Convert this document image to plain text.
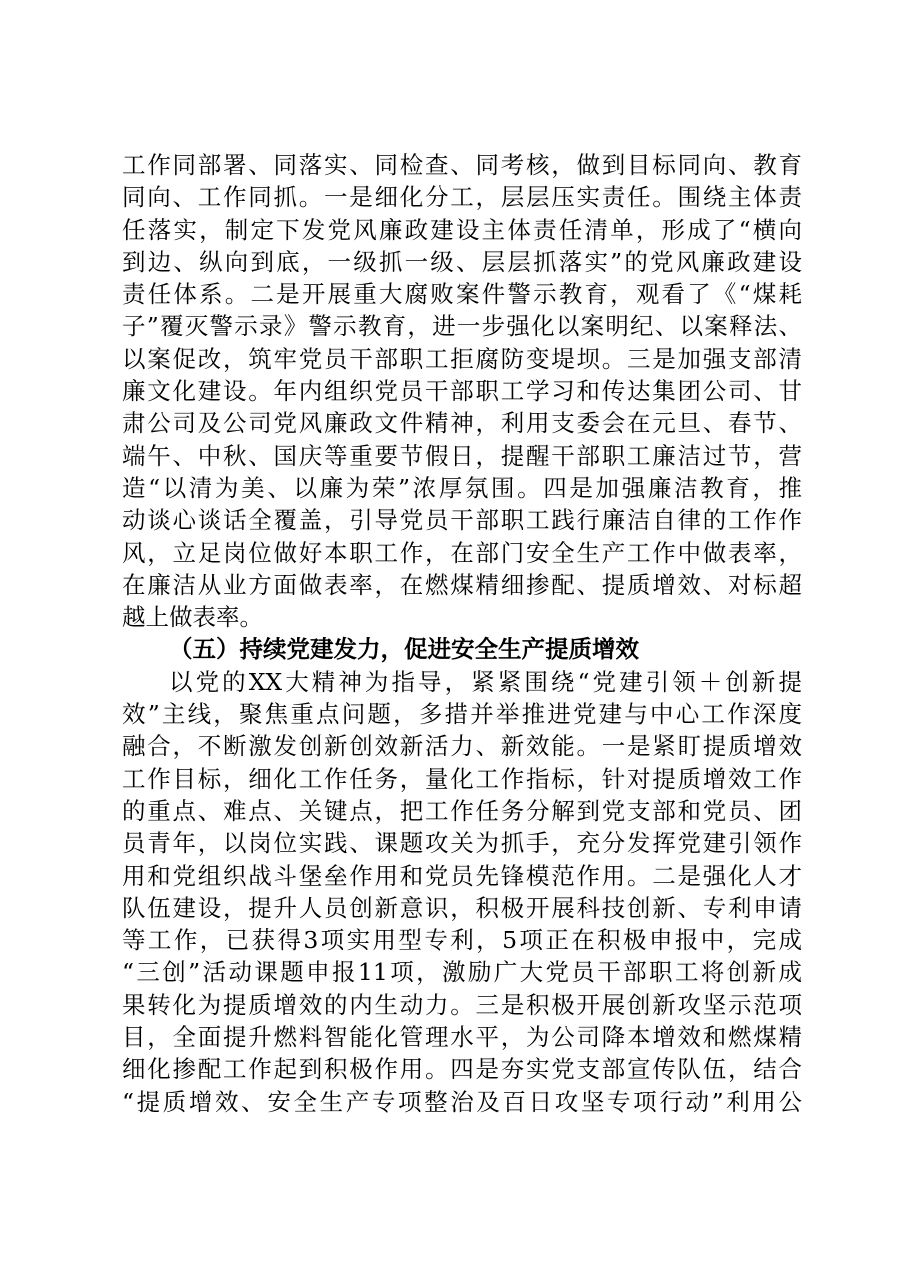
工作同部署、同落实、同检查、同考核，做到目标同向、教育
同向、工作同抓。一是细化分工，层层压实责任。围绕主体责
任落实，制定下发党风廉政建设主体责任清单，形成了“横向
到边、纵向到底，一级抓一级、层层抓落实”的党风廉政建设
责任体系。二是开展重大腐败案件警示教育，观看了《“煤耗
子”覆灭警示录》警示教育，进一步强化以案明纪、以案释法、
以案促改，筑牢党员干部职工拒腐防变堤坝。三是加强支部清
廉文化建设。年内组织党员干部职工学习和传达集团公司、甘
肃公司及公司党风廉政文件精神，利用支委会在元旦、春节、
端午、中秋、国庆等重要节假日，提醒干部职工廉洁过节，营
造“以清为美、以廉为荣”浓厚氛围。四是加强廉洁教育，推
动谈心谈话全覆盖，引导党员干部职工践行廉洁自律的工作作
风，立足岗位做好本职工作，在部门安全生产工作中做表率，
在廉洁从业方面做表率，在燃煤精细掺配、提质增效、对标超
越上做表率。
（五）持续党建发力，促进安全生产提质增效
以党的XX大精神为指导，紧紧围绕“党建引领＋创新提
效”主线，聚焦重点问题，多措并举推进党建与中心工作深度
融合，不断激发创新创效新活力、新效能。一是紧盯提质增效
工作目标，细化工作任务，量化工作指标，针对提质增效工作
的重点、难点、关键点，把工作任务分解到党支部和党员、团
员青年，以岗位实践、课题攻关为抓手，充分发挥党建引领作
用和党组织战斗堡垒作用和党员先锋模范作用。二是强化人才
队伍建设，提升人员创新意识，积极开展科技创新、专利申请
等工作，已获得3项实用型专利，5项正在积极申报中，完成
“三创”活动课题申报11项，激励广大党员干部职工将创新成
果转化为提质增效的内生动力。三是积极开展创新攻坚示范项
目，全面提升燃料智能化管理水平，为公司降本增效和燃煤精
细化掺配工作起到积极作用。四是夯实党支部宣传队伍，结合
“提质增效、安全生产专项整治及百日攻坚专项行动”利用公
